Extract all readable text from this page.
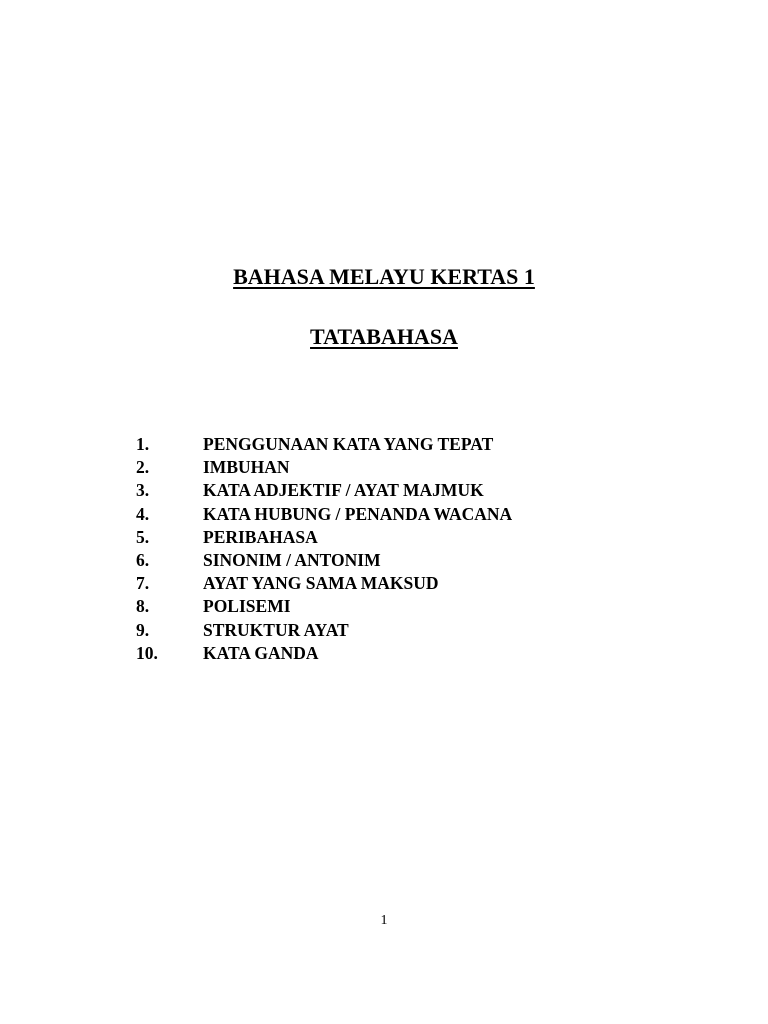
BAHASA MELAYU KERTAS 1
TATABAHASA
1.	PENGGUNAAN KATA YANG TEPAT
2.	IMBUHAN
3.	KATA ADJEKTIF / AYAT MAJMUK
4.	KATA HUBUNG / PENANDA WACANA
5.	PERIBAHASA
6.	SINONIM / ANTONIM
7.	AYAT YANG SAMA MAKSUD
8.	POLISEMI
9.	STRUKTUR AYAT
10.	KATA GANDA
1
